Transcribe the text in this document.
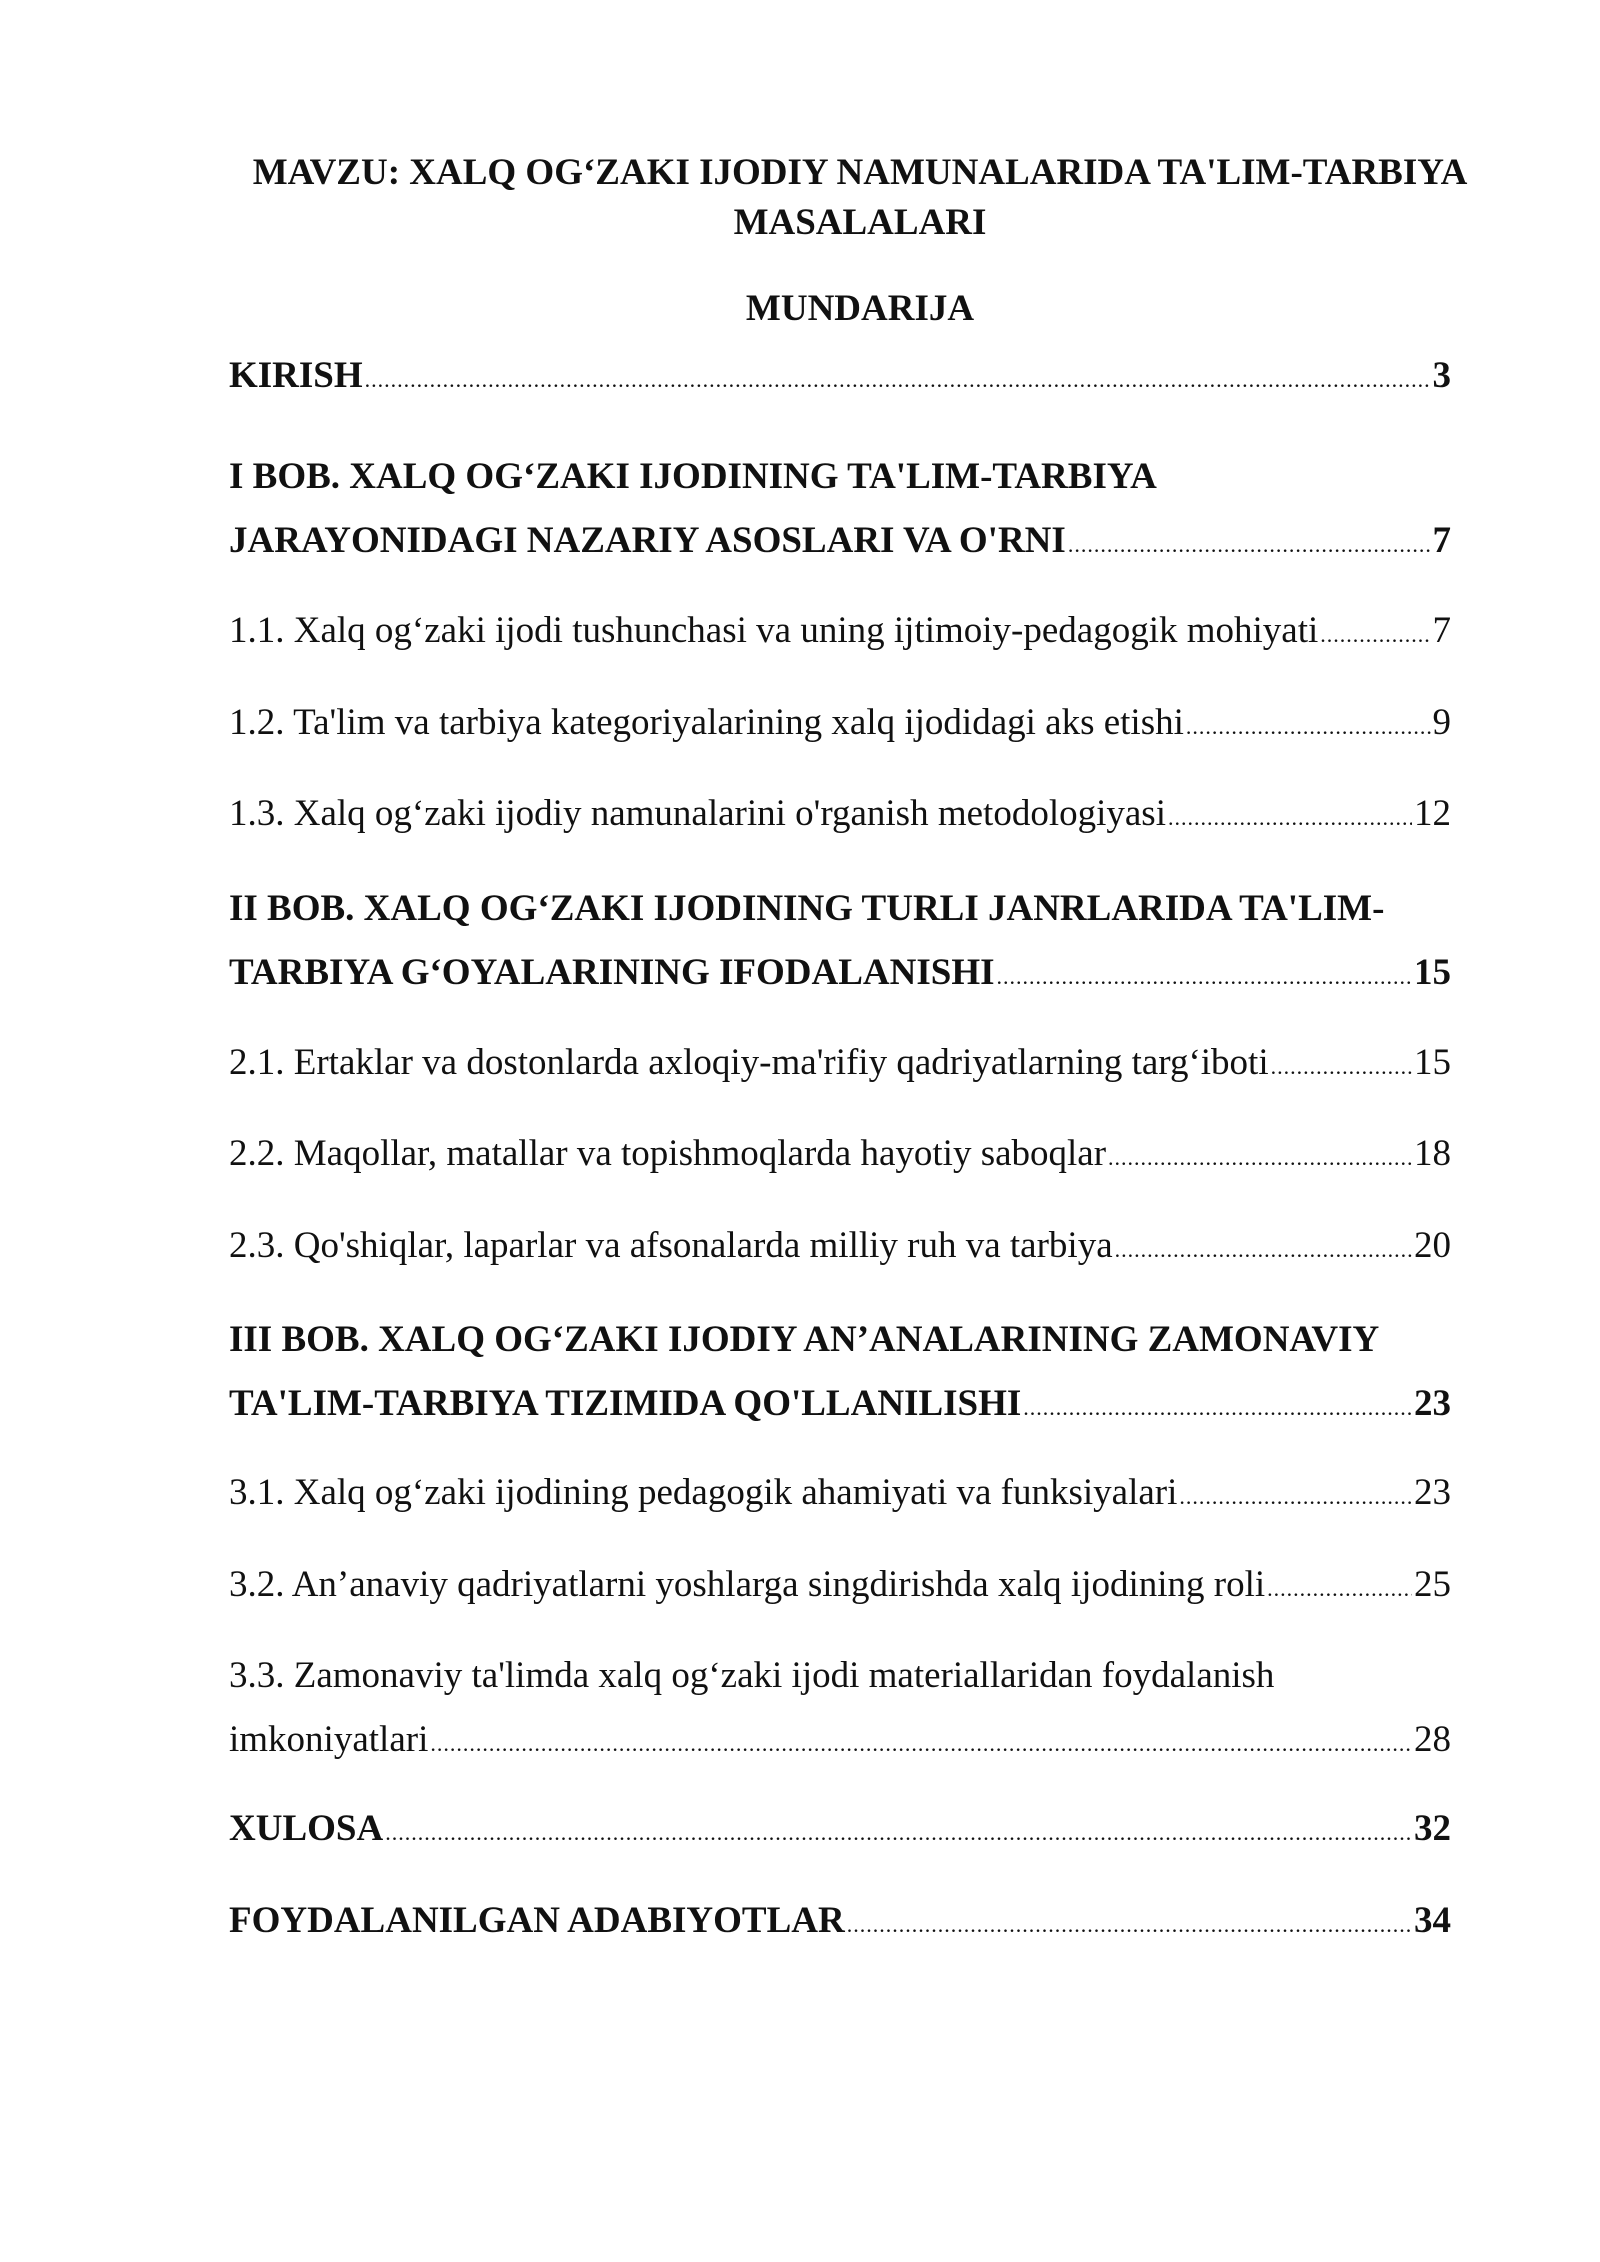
MAVZU: XALQ OG‘ZAKI IJODIY NAMUNALARIDA TA'LIM-TARBIYA
MASALALARI
MUNDARIJA
KIRISH .....	3
I BOB. XALQ OG‘ZAKI IJODINING TA'LIM-TARBIYA
JARAYONIDAGI NAZARIY ASOSLARI VA O'RNI .....	7
1.1. Xalq og‘zaki ijodi tushunchasi va uning ijtimoiy-pedagogik mohiyati .....	7
1.2. Ta'lim va tarbiya kategoriyalarining xalq ijodidagi aks etishi .....	9
1.3. Xalq og‘zaki ijodiy namunalarini o'rganish metodologiyasi .....	12
II BOB. XALQ OG‘ZAKI IJODINING TURLI JANRLARIDA TA'LIM-
TARBIYA G‘OYALARINING IFODALANISHI .....	15
2.1. Ertaklar va dostonlarda axloqiy-ma'rifiy qadriyatlarning targ‘iboti .....	15
2.2. Maqollar, matallar va topishmoqlarda hayotiy saboqlar .....	18
2.3. Qo'shiqlar, laparlar va afsonalarda milliy ruh va tarbiya .....	20
III BOB. XALQ OG‘ZAKI IJODIY AN’ANALARINING ZAMONAVIY
TA'LIM-TARBIYA TIZIMIDA QO'LLANILISHI .....	23
3.1. Xalq og‘zaki ijodining pedagogik ahamiyati va funksiyalari .....	23
3.2. An’anaviy qadriyatlarni yoshlarga singdirishda xalq ijodining roli .....	25
3.3. Zamonaviy ta'limda xalq og‘zaki ijodi materiallaridan foydalanish
imkoniyatlari .....	28
XULOSA .....	32
FOYDALANILGAN ADABIYOTLAR .....	34
